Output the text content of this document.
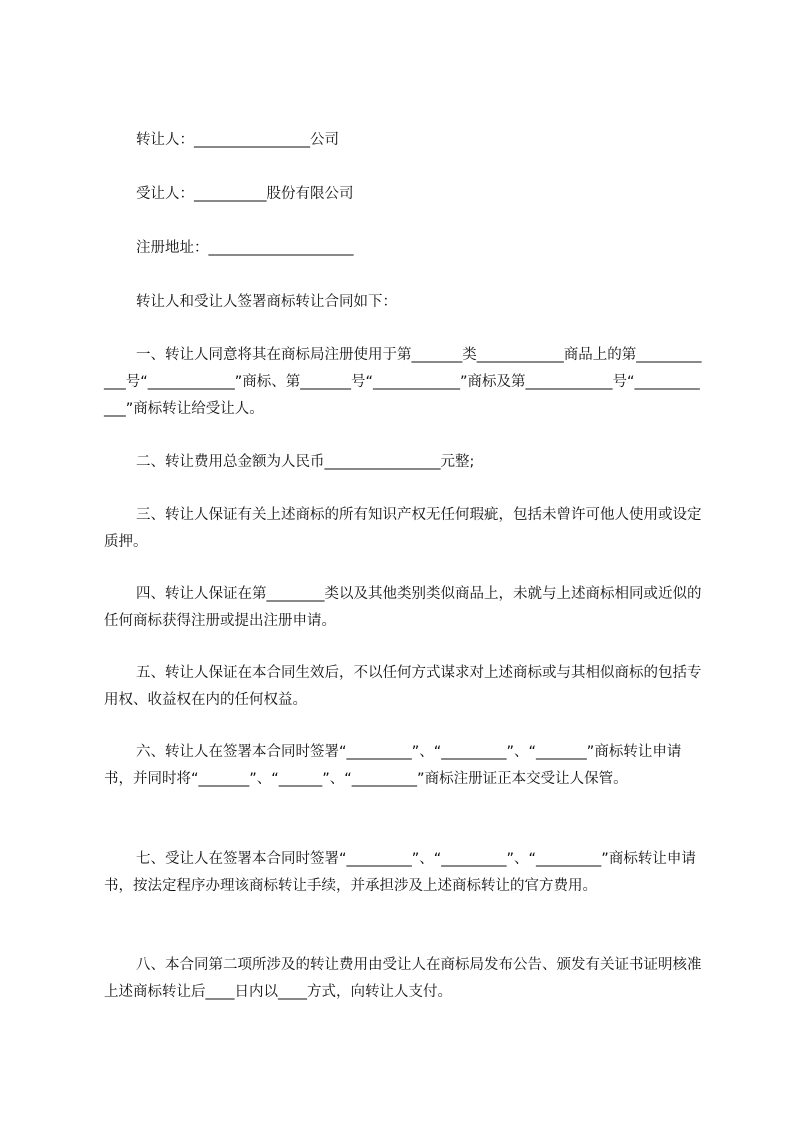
转让人：________________公司

受让人：__________股份有限公司

注册地址：____________________

转让人和受让人签署商标转让合同如下：

一、转让人同意将其在商标局注册使用于第_______类____________商品上的第____________号“____________”商标、第_______号“____________”商标及第____________号“____________”商标转让给受让人。

二、转让费用总金额为人民币________________元整;

三、转让人保证有关上述商标的所有知识产权无任何瑕疵，包括未曾许可他人使用或设定质押。

四、转让人保证在第________类以及其他类别类似商品上，未就与上述商标相同或近似的任何商标获得注册或提出注册申请。

五、转让人保证在本合同生效后，不以任何方式谋求对上述商标或与其相似商标的包括专用权、收益权在内的任何权益。

六、转让人在签署本合同时签署“_________”、“_________”、“_______”商标转让申请书，并同时将“_______”、“______”、“_________”商标注册证正本交受让人保管。

七、受让人在签署本合同时签署“_________”、“_________”、“_________”商标转让申请书，按法定程序办理该商标转让手续，并承担涉及上述商标转让的官方费用。

八、本合同第二项所涉及的转让费用由受让人在商标局发布公告、颁发有关证书证明核准上述商标转让后____日内以____方式，向转让人支付。
